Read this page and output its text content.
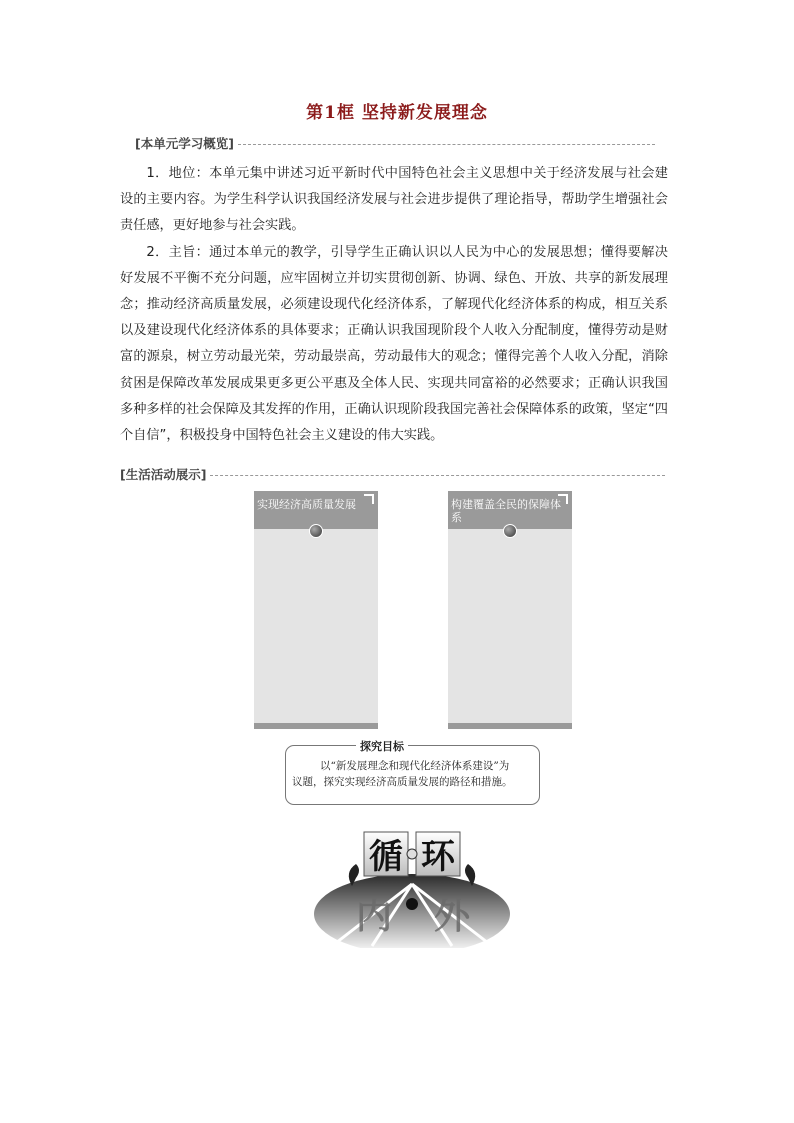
第1框 坚持新发展理念
[本单元学习概览]

1．地位：本单元集中讲述习近平新时代中国特色社会主义思想中关于经济发展与社会建设的主要内容。为学生科学认识我国经济发展与社会进步提供了理论指导，帮助学生增强社会责任感，更好地参与社会实践。

2．主旨：通过本单元的教学，引导学生正确认识以人民为中心的发展思想；懂得要解决好发展不平衡不充分问题，应牢固树立并切实贯彻创新、协调、绿色、开放、共享的新发展理念；推动经济高质量发展，必须建设现代化经济体系，了解现代化经济体系的构成，相互关系以及建设现代化经济体系的具体要求；正确认识我国现阶段个人收入分配制度，懂得劳动是财富的源泉，树立劳动最光荣，劳动最崇高，劳动最伟大的观念；懂得完善个人收入分配，消除贫困是保障改革发展成果更多更公平惠及全体人民、实现共同富裕的必然要求；正确认识我国多种多样的社会保障及其发挥的作用，正确认识现阶段我国完善社会保障体系的政策，坚定“四个自信”，积极投身中国特色社会主义建设的伟大实践。

[生活活动展示]
实现经济高质量发展	构建覆盖全民的保障体系
探究目标
以“新发展理念和现代化经济体系建设”为
议题，探究实现经济高质量发展的路径和措施。
循 环
内 外
